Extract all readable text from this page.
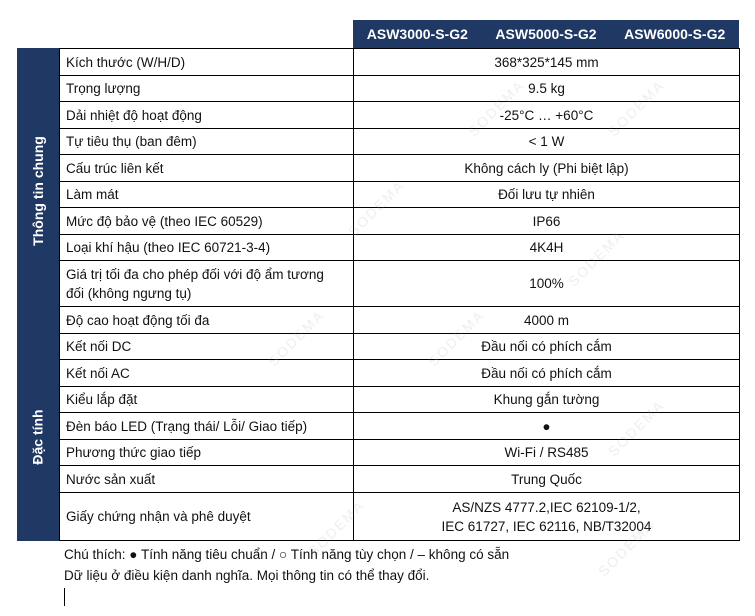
ASW3000-S-G2	ASW5000-S-G2	ASW6000-S-G2
Thông tin chung
Đặc tính
Kích thước (W/H/D)	368*325*145 mm
Trọng lượng	9.5 kg
Dải nhiệt độ hoạt động	-25°C … +60°C
Tự tiêu thụ (ban đêm)	< 1 W
Cấu trúc liên kết	Không cách ly (Phi biệt lập)
Làm mát	Đối lưu tự nhiên
Mức độ bảo vệ (theo IEC 60529)	IP66
Loại khí hậu (theo IEC 60721-3-4)	4K4H

Giá trị tối đa cho phép đối với độ ẩm tương
đối (không ngưng tụ)	100%
Độ cao hoạt động tối đa	4000 m
Kết nối DC	Đầu nối có phích cắm
Kết nối AC	Đầu nối có phích cắm
Kiểu lắp đặt	Khung gắn tường
Đèn báo LED (Trạng thái/ Lỗi/ Giao tiếp)	●
Phương thức giao tiếp	Wi-Fi / RS485
Nước sản xuất	Trung Quốc
Giấy chứng nhận và phê duyệt	AS/NZS 4777.2,IEC 62109-1/2,
IEC 61727, IEC 62116, NB/T32004
SODEMA	SODEMA
SODEMA
SODEMA
SODEMA
SODEMA
SODEMA
SODEMA	SODEMA
Chú thích: ● Tính năng tiêu chuẩn / ○ Tính năng tùy chọn / – không có sẵn
Dữ liệu ở điều kiện danh nghĩa. Mọi thông tin có thể thay đổi.
